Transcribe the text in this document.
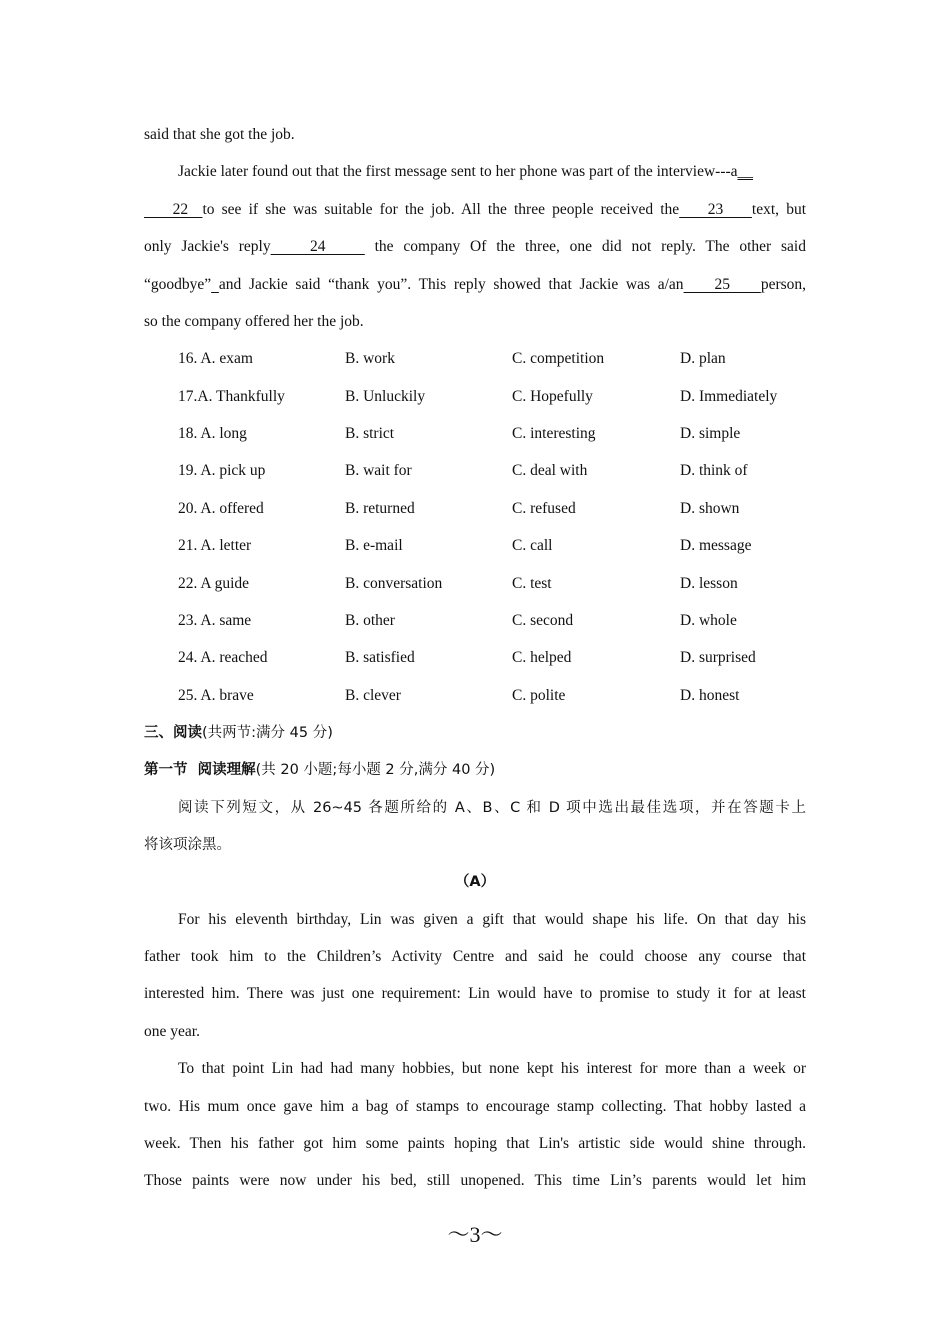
said that she got the job.
Jackie later found out that the first message sent to her phone was part of the interview---a__
22  to see if she was suitable for the job. All the three people received the    23    text, but
only Jackie's reply    24     the company Of the three, one did not reply. The other said
“goodbye” and Jackie said “thank you”. This reply showed that Jackie was a/an    25    person,
so the company offered her the job.
16. A. exam	B. work	C. competition	D. plan
17.A. Thankfully	B. Unluckily	C. Hopefully	D. Immediately
18. A. long	B. strict	C. interesting	D. simple
19. A. pick up	B. wait for	C. deal with	D. think of
20. A. offered	B. returned	C. refused	D. shown
21. A. letter	B. e-mail	C. call	D. message
22. A guide	B. conversation	C. test	D. lesson
23. A. same	B. other	C. second	D. whole
24. A. reached	B. satisfied	C. helped	D. surprised
25. A. brave	B. clever	C. polite	D. honest
三、阅读(共两节:满分 45 分)
第一节  阅读理解(共 20 小题;每小题 2 分,满分 40 分)
阅读下列短文，从 26~45 各题所给的 A、B、C 和 D 项中选出最佳选项，并在答题卡上
将该项涂黑。
（A）
For his eleventh birthday, Lin was given a gift that would shape his life. On that day his
father took him to the Children’s Activity Centre and said he could choose any course that
interested him. There was just one requirement: Lin would have to promise to study it for at least
one year.
To that point Lin had had many hobbies, but none kept his interest for more than a week or
two. His mum once gave him a bag of stamps to encourage stamp collecting. That hobby lasted a
week. Then his father got him some paints hoping that Lin's artistic side would shine through.
Those paints were now under his bed, still unopened. This time Lin’s parents would let him
～3～
